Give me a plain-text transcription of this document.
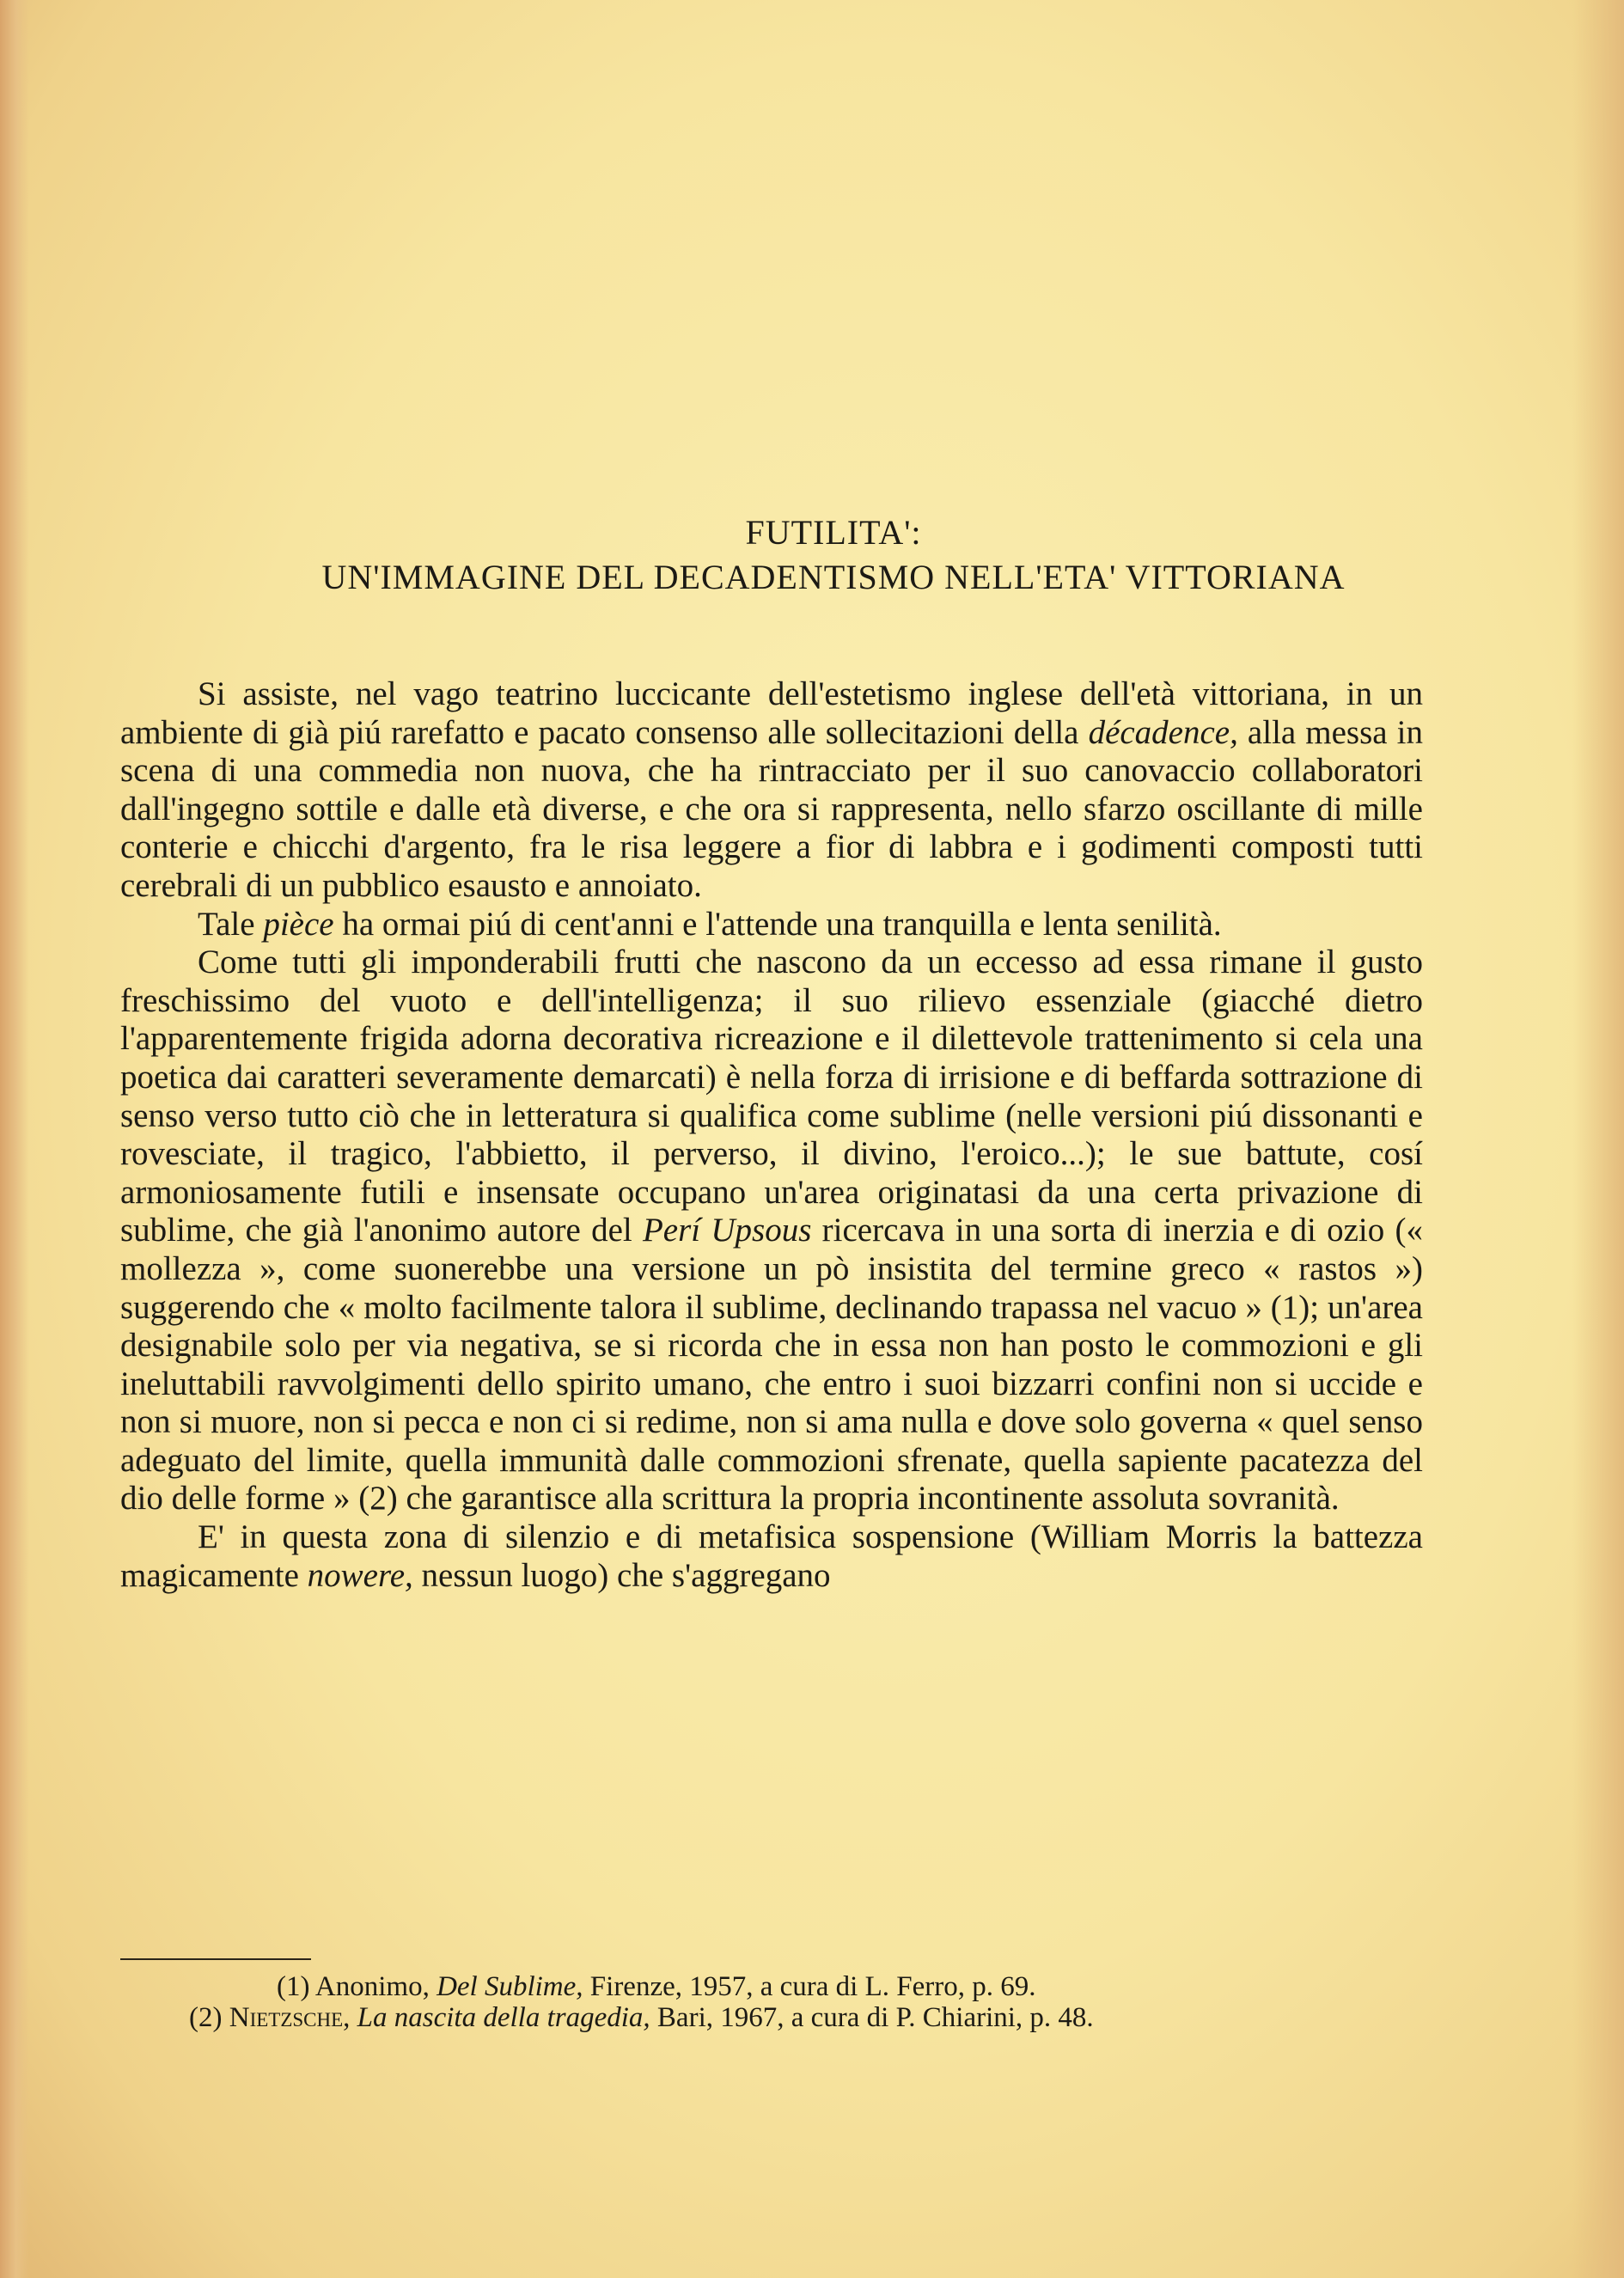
FUTILITA':
UN'IMMAGINE DEL DECADENTISMO NELL'ETA' VITTORIANA

Si assiste, nel vago teatrino luccicante dell'estetismo inglese dell'età vittoriana, in un ambiente di già piú rarefatto e pacato consenso alle sollecitazioni della décadence, alla messa in scena di una commedia non nuova, che ha rintracciato per il suo canovaccio collaboratori dall'ingegno sottile e dalle età diverse, e che ora si rappresenta, nello sfarzo oscillante di mille conterie e chicchi d'argento, fra le risa leggere a fior di labbra e i godimenti composti tutti cerebrali di un pubblico esausto e annoiato.

Tale pièce ha ormai piú di cent'anni e l'attende una tranquilla e lenta senilità.

Come tutti gli imponderabili frutti che nascono da un eccesso ad essa rimane il gusto freschissimo del vuoto e dell'intelligenza; il suo rilievo essenziale (giacché dietro l'apparentemente frigida adorna decorativa ricreazione e il dilettevole trattenimento si cela una poetica dai caratteri severamente demarcati) è nella forza di irrisione e di beffarda sottrazione di senso verso tutto ciò che in letteratura si qualifica come sublime (nelle versioni piú dissonanti e rovesciate, il tragico, l'abbietto, il perverso, il divino, l'eroico...); le sue battute, cosí armoniosamente futili e insensate occupano un'area originatasi da una certa privazione di sublime, che già l'anonimo autore del Perí Upsous ricercava in una sorta di inerzia e di ozio (« mollezza », come suonerebbe una versione un pò insistita del termine greco « rastos ») suggerendo che « molto facilmente talora il sublime, declinando trapassa nel vacuo » (1); un'area designabile solo per via negativa, se si ricorda che in essa non han posto le commozioni e gli ineluttabili ravvolgimenti dello spirito umano, che entro i suoi bizzarri confini non si uccide e non si muore, non si pecca e non ci si redime, non si ama nulla e dove solo governa « quel senso adeguato del limite, quella immunità dalle commozioni sfrenate, quella sapiente pacatezza del dio delle forme » (2) che garantisce alla scrittura la propria incontinente assoluta sovranità.

E' in questa zona di silenzio e di metafisica sospensione (William Morris la battezza magicamente nowere, nessun luogo) che s'aggregano

(1) Anonimo, Del Sublime, Firenze, 1957, a cura di L. Ferro, p. 69.

(2) Nietzsche, La nascita della tragedia, Bari, 1967, a cura di P. Chiarini, p. 48.
